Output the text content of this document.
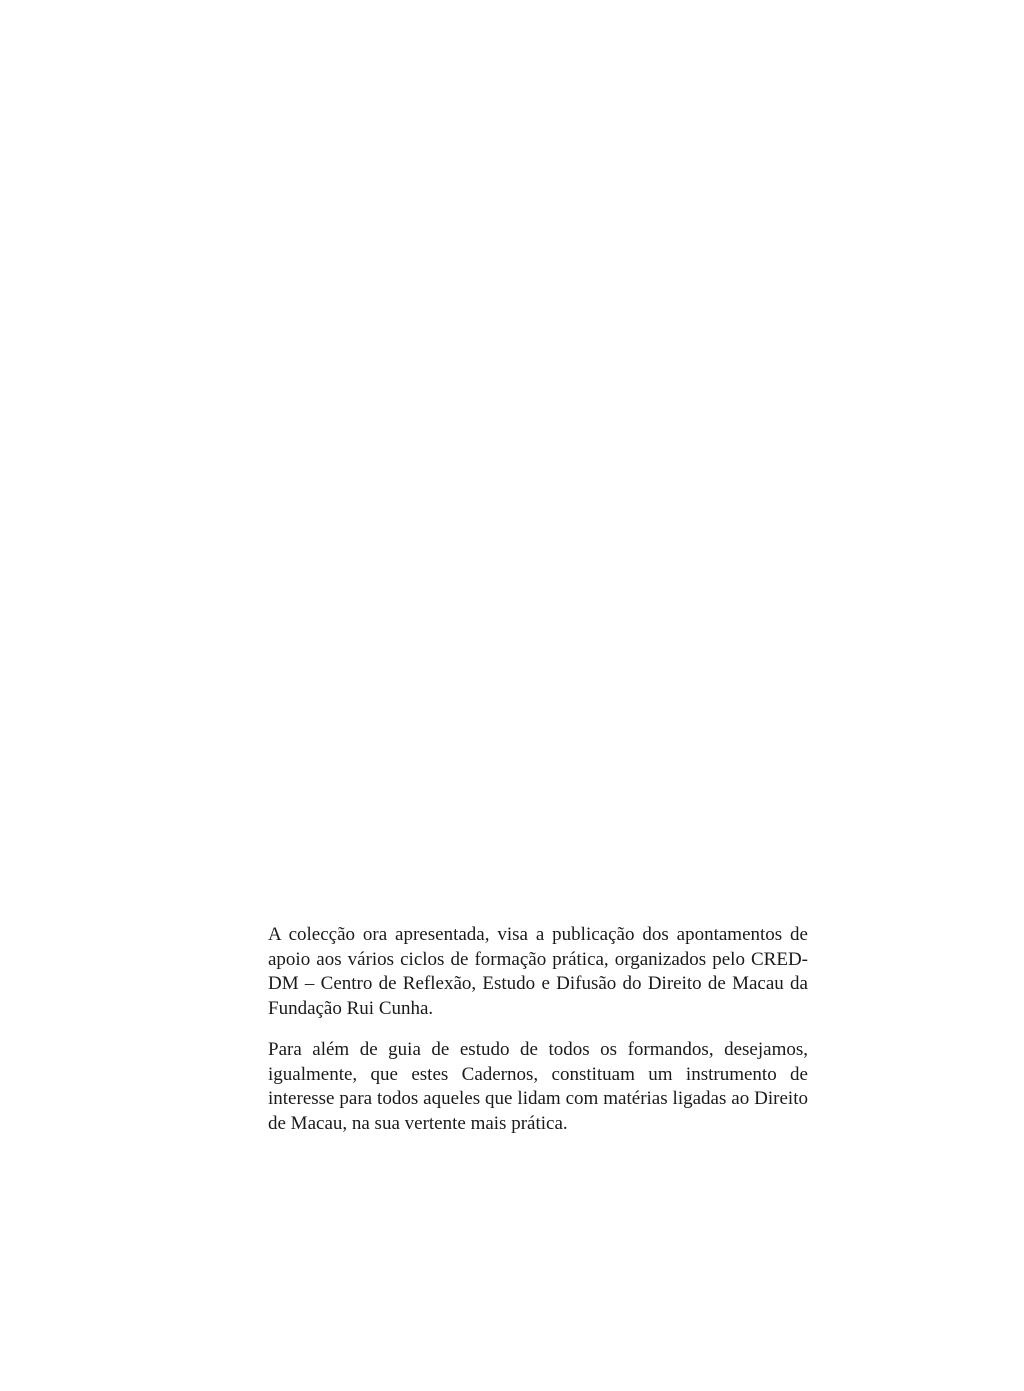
A colecção ora apresentada, visa a publicação dos apontamentos de apoio aos vários ciclos de formação prática, organizados pelo CRED-DM – Centro de Reflexão, Estudo e Difusão do Direito de Macau da Fundação Rui Cunha.

Para além de guia de estudo de todos os formandos, desejamos, igualmente, que estes Cadernos, constituam um instrumento de interesse para todos aqueles que lidam com matérias ligadas ao Direito de Macau, na sua vertente mais prática.
